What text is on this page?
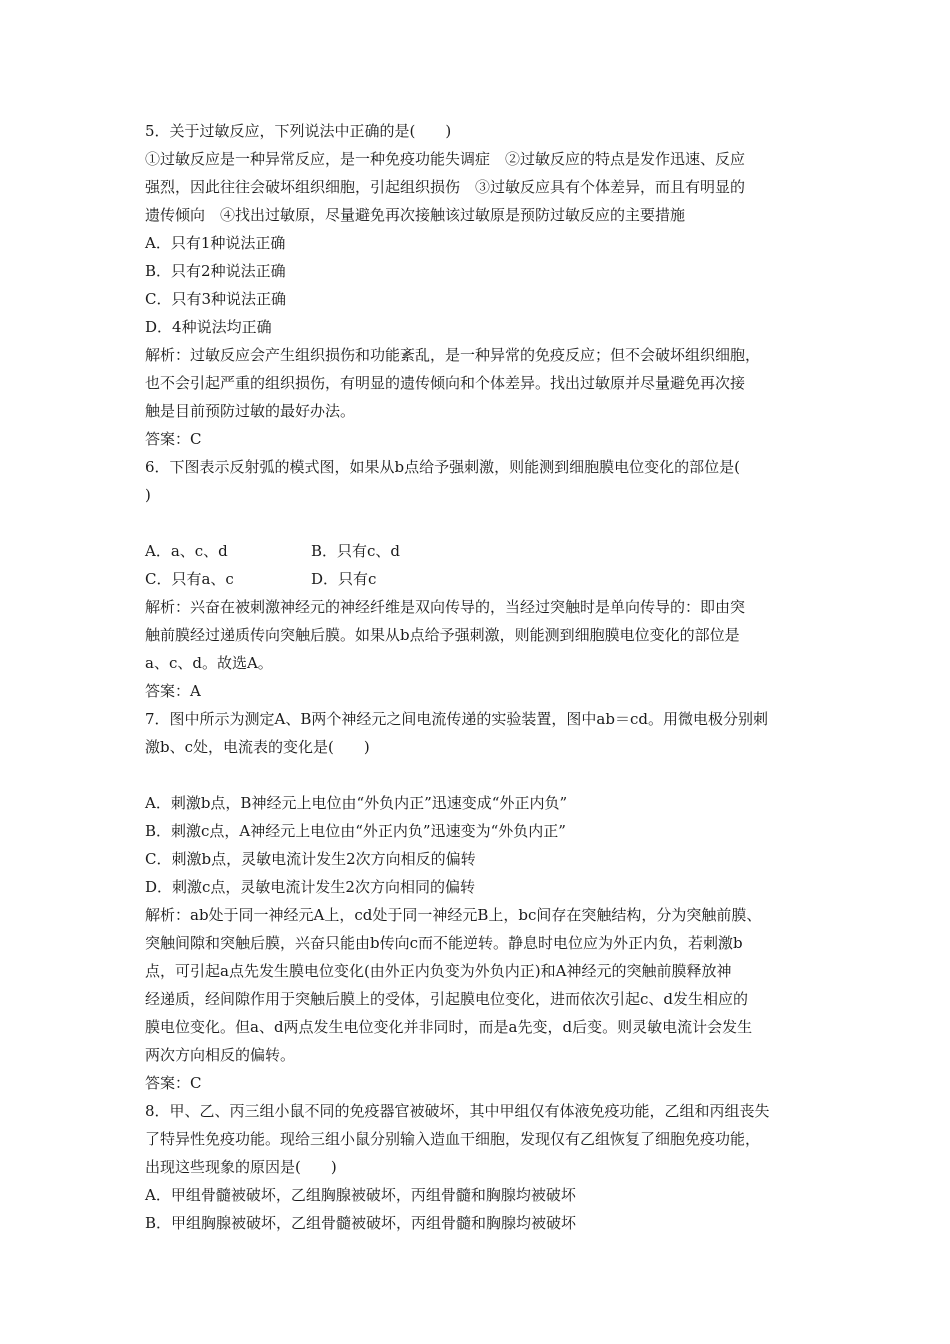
5．关于过敏反应，下列说法中正确的是(　　)
①过敏反应是一种异常反应，是一种免疫功能失调症　②过敏反应的特点是发作迅速、反应
强烈，因此往往会破坏组织细胞，引起组织损伤　③过敏反应具有个体差异，而且有明显的
遗传倾向　④找出过敏原，尽量避免再次接触该过敏原是预防过敏反应的主要措施
A．只有1种说法正确
B．只有2种说法正确
C．只有3种说法正确
D．4种说法均正确
解析：过敏反应会产生组织损伤和功能紊乱，是一种异常的免疫反应；但不会破坏组织细胞，
也不会引起严重的组织损伤，有明显的遗传倾向和个体差异。找出过敏原并尽量避免再次接
触是目前预防过敏的最好办法。
答案：C
6．下图表示反射弧的模式图，如果从b点给予强刺激，则能测到细胞膜电位变化的部位是(
)
A．a、c、d	B．只有c、d
C．只有a、c	D．只有c
解析：兴奋在被刺激神经元的神经纤维是双向传导的，当经过突触时是单向传导的：即由突
触前膜经过递质传向突触后膜。如果从b点给予强刺激，则能测到细胞膜电位变化的部位是
a、c、d。故选A。
答案：A
7．图中所示为测定A、B两个神经元之间电流传递的实验装置，图中ab＝cd。用微电极分别刺
激b、c处，电流表的变化是(　　)
A．刺激b点，B神经元上电位由“外负内正”迅速变成“外正内负”
B．刺激c点，A神经元上电位由“外正内负”迅速变为“外负内正”
C．刺激b点，灵敏电流计发生2次方向相反的偏转
D．刺激c点，灵敏电流计发生2次方向相同的偏转
解析：ab处于同一神经元A上，cd处于同一神经元B上，bc间存在突触结构，分为突触前膜、
突触间隙和突触后膜，兴奋只能由b传向c而不能逆转。静息时电位应为外正内负，若刺激b
点，可引起a点先发生膜电位变化(由外正内负变为外负内正)和A神经元的突触前膜释放神
经递质，经间隙作用于突触后膜上的受体，引起膜电位变化，进而依次引起c、d发生相应的
膜电位变化。但a、d两点发生电位变化并非同时，而是a先变，d后变。则灵敏电流计会发生
两次方向相反的偏转。
答案：C
8．甲、乙、丙三组小鼠不同的免疫器官被破坏，其中甲组仅有体液免疫功能，乙组和丙组丧失
了特异性免疫功能。现给三组小鼠分别输入造血干细胞，发现仅有乙组恢复了细胞免疫功能，
出现这些现象的原因是(　　)
A．甲组骨髓被破坏，乙组胸腺被破坏，丙组骨髓和胸腺均被破坏
B．甲组胸腺被破坏，乙组骨髓被破坏，丙组骨髓和胸腺均被破坏
